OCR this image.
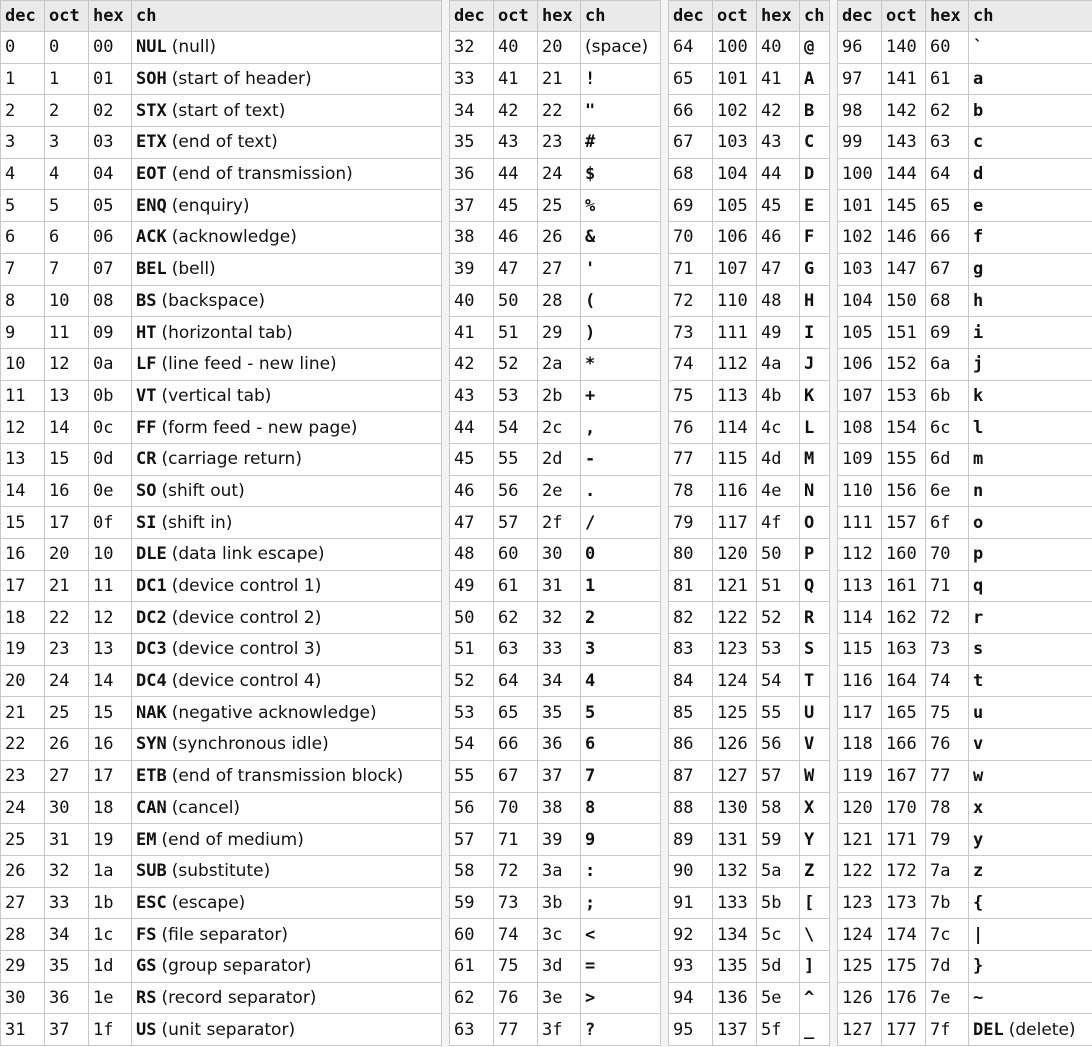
dec	oct	hex	ch
0	0	00	NUL (null)
1	1	01	SOH (start of header)
2	2	02	STX (start of text)
3	3	03	ETX (end of text)
4	4	04	EOT (end of transmission)
5	5	05	ENQ (enquiry)
6	6	06	ACK (acknowledge)
7	7	07	BEL (bell)
8	10	08	BS (backspace)
9	11	09	HT (horizontal tab)
10	12	0a	LF (line feed - new line)
11	13	0b	VT (vertical tab)
12	14	0c	FF (form feed - new page)
13	15	0d	CR (carriage return)
14	16	0e	SO (shift out)
15	17	0f	SI (shift in)
16	20	10	DLE (data link escape)
17	21	11	DC1 (device control 1)
18	22	12	DC2 (device control 2)
19	23	13	DC3 (device control 3)
20	24	14	DC4 (device control 4)
21	25	15	NAK (negative acknowledge)
22	26	16	SYN (synchronous idle)
23	27	17	ETB (end of transmission block)
24	30	18	CAN (cancel)
25	31	19	EM (end of medium)
26	32	1a	SUB (substitute)
27	33	1b	ESC (escape)
28	34	1c	FS (file separator)
29	35	1d	GS (group separator)
30	36	1e	RS (record separator)
31	37	1f	US (unit separator)
dec	oct	hex	ch
32	40	20	(space)
33	41	21	!
34	42	22	"
35	43	23	#
36	44	24	$
37	45	25	%
38	46	26	&
39	47	27	'
40	50	28	(
41	51	29	)
42	52	2a	*
43	53	2b	+
44	54	2c	,
45	55	2d	-
46	56	2e	.
47	57	2f	/
48	60	30	0
49	61	31	1
50	62	32	2
51	63	33	3
52	64	34	4
53	65	35	5
54	66	36	6
55	67	37	7
56	70	38	8
57	71	39	9
58	72	3a	:
59	73	3b	;
60	74	3c	<
61	75	3d	=
62	76	3e	>
63	77	3f	?
dec	oct	hex	ch
64	100	40	@
65	101	41	A
66	102	42	B
67	103	43	C
68	104	44	D
69	105	45	E
70	106	46	F
71	107	47	G
72	110	48	H
73	111	49	I
74	112	4a	J
75	113	4b	K
76	114	4c	L
77	115	4d	M
78	116	4e	N
79	117	4f	O
80	120	50	P
81	121	51	Q
82	122	52	R
83	123	53	S
84	124	54	T
85	125	55	U
86	126	56	V
87	127	57	W
88	130	58	X
89	131	59	Y
90	132	5a	Z
91	133	5b	[
92	134	5c	\
93	135	5d	]
94	136	5e	^
95	137	5f	_
dec	oct	hex	ch
96	140	60	`
97	141	61	a
98	142	62	b
99	143	63	c
100	144	64	d
101	145	65	e
102	146	66	f
103	147	67	g
104	150	68	h
105	151	69	i
106	152	6a	j
107	153	6b	k
108	154	6c	l
109	155	6d	m
110	156	6e	n
111	157	6f	o
112	160	70	p
113	161	71	q
114	162	72	r
115	163	73	s
116	164	74	t
117	165	75	u
118	166	76	v
119	167	77	w
120	170	78	x
121	171	79	y
122	172	7a	z
123	173	7b	{
124	174	7c	|
125	175	7d	}
126	176	7e	~
127	177	7f	DEL (delete)
